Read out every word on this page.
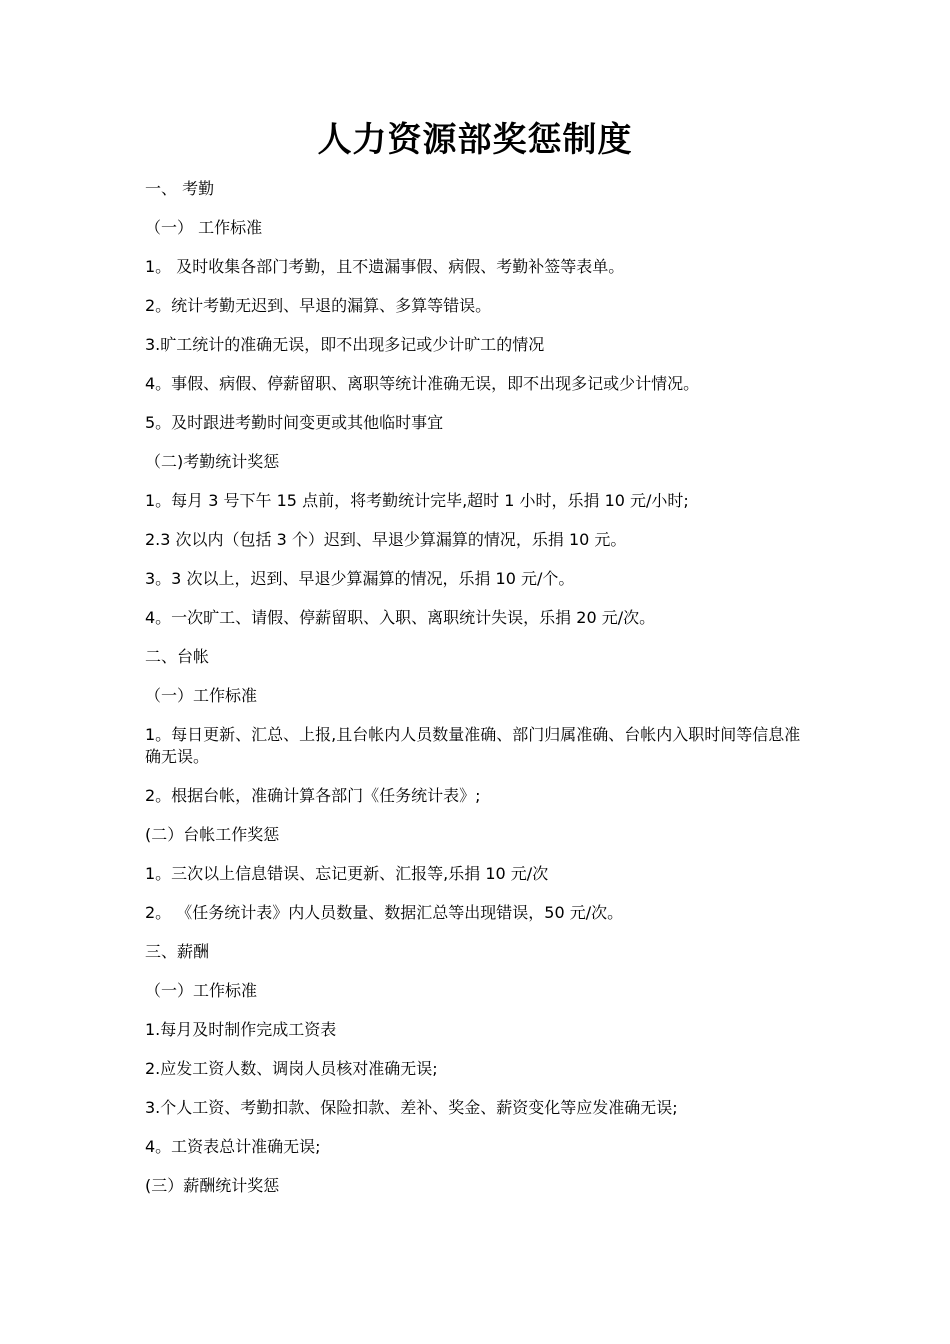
人力资源部奖惩制度

一、 考勤

（一） 工作标准

1。 及时收集各部门考勤，且不遗漏事假、病假、考勤补签等表单。

2。统计考勤无迟到、早退的漏算、多算等错误。

3.旷工统计的准确无误，即不出现多记或少计旷工的情况

4。事假、病假、停薪留职、离职等统计准确无误，即不出现多记或少计情况。

5。及时跟进考勤时间变更或其他临时事宜

（二)考勤统计奖惩

1。每月 3 号下午 15 点前，将考勤统计完毕,超时 1 小时，乐捐 10 元/小时;

2.3 次以内（包括 3 个）迟到、早退少算漏算的情况，乐捐 10 元。

3。3 次以上，迟到、早退少算漏算的情况，乐捐 10 元/个。

4。一次旷工、请假、停薪留职、入职、离职统计失误，乐捐 20 元/次。

二、台帐

（一）工作标准

1。每日更新、汇总、上报,且台帐内人员数量准确、部门归属准确、台帐内入职时间等信息准确无误。

2。根据台帐，准确计算各部门《任务统计表》;

(二）台帐工作奖惩

1。三次以上信息错误、忘记更新、汇报等,乐捐 10 元/次

2。 《任务统计表》内人员数量、数据汇总等出现错误，50 元/次。

三、薪酬

（一）工作标准

1.每月及时制作完成工资表

2.应发工资人数、调岗人员核对准确无误;

3.个人工资、考勤扣款、保险扣款、差补、奖金、薪资变化等应发准确无误;

4。工资表总计准确无误;

(三）薪酬统计奖惩
